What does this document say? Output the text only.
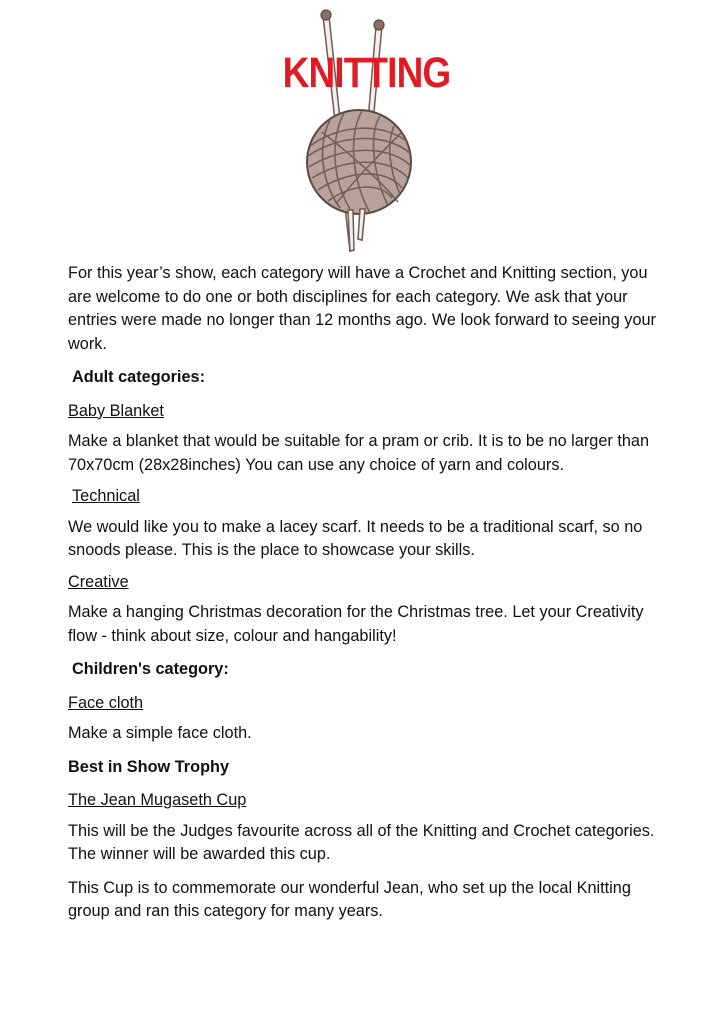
KNITTING

For this year’s show, each category will have a Crochet and Knitting section, you are welcome to do one or both disciplines for each category. We ask that your entries were made no longer than 12 months ago. We look forward to seeing your work.

Adult categories:

Baby Blanket

Make a blanket that would be suitable for a pram or crib. It is to be no larger than 70x70cm (28x28inches) You can use any choice of yarn and colours.

Technical

We would like you to make a lacey scarf. It needs to be a traditional scarf, so no snoods please. This is the place to showcase your skills.

Creative

Make a hanging Christmas decoration for the Christmas tree. Let your Creativity flow - think about size, colour and hangability!

Children's category:

Face cloth

Make a simple face cloth.

Best in Show Trophy

The Jean Mugaseth Cup

This will be the Judges favourite across all of the Knitting and Crochet categories. The winner will be awarded this cup.

This Cup is to commemorate our wonderful Jean, who set up the local Knitting group and ran this category for many years.
